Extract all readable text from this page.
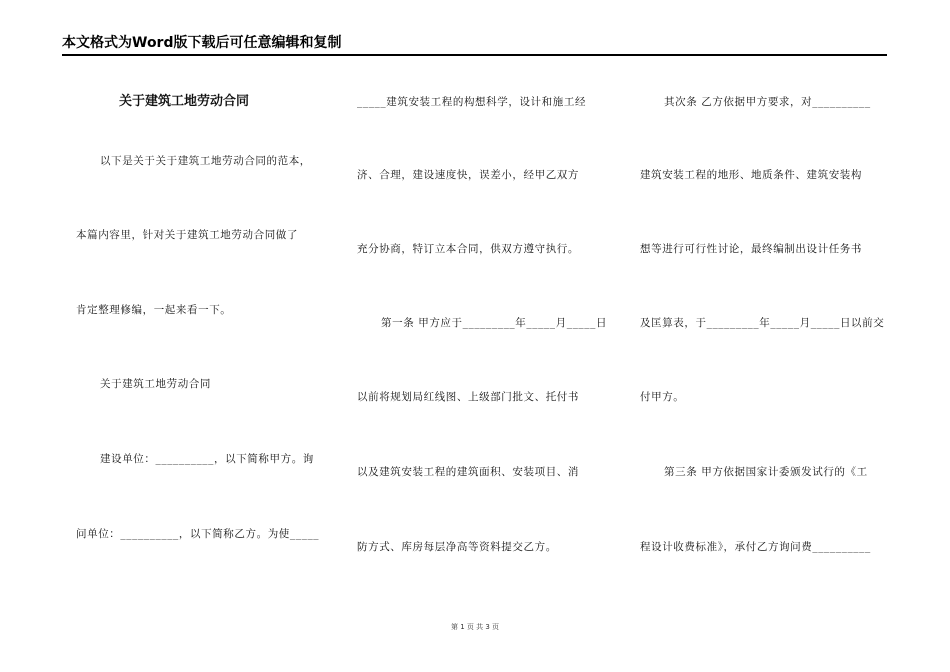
本文格式为Word版下载后可任意编辑和复制
关于建筑工地劳动合同
以下是关于关于建筑工地劳动合同的范本，
本篇内容里，针对关于建筑工地劳动合同做了
肯定整理修编，一起来看一下。
关于建筑工地劳动合同
建设单位：__________，以下简称甲方。询
问单位：__________，以下简称乙方。为使_____
_____建筑安装工程的构想科学，设计和施工经
济、合理，建设速度快，误差小，经甲乙双方
充分协商，特订立本合同，供双方遵守执行。
第一条 甲方应于_________年_____月_____日
以前将规划局红线图、上级部门批文、托付书
以及建筑安装工程的建筑面积、安装项目、消
防方式、库房每层净高等资料提交乙方。
其次条 乙方依据甲方要求，对__________
建筑安装工程的地形、地质条件、建筑安装构
想等进行可行性讨论，最终编制出设计任务书
及匡算表，于_________年_____月_____日以前交
付甲方。
第三条 甲方依据国家计委颁发试行的《工
程设计收费标准》，承付乙方询问费__________
第 1 页 共 3 页
